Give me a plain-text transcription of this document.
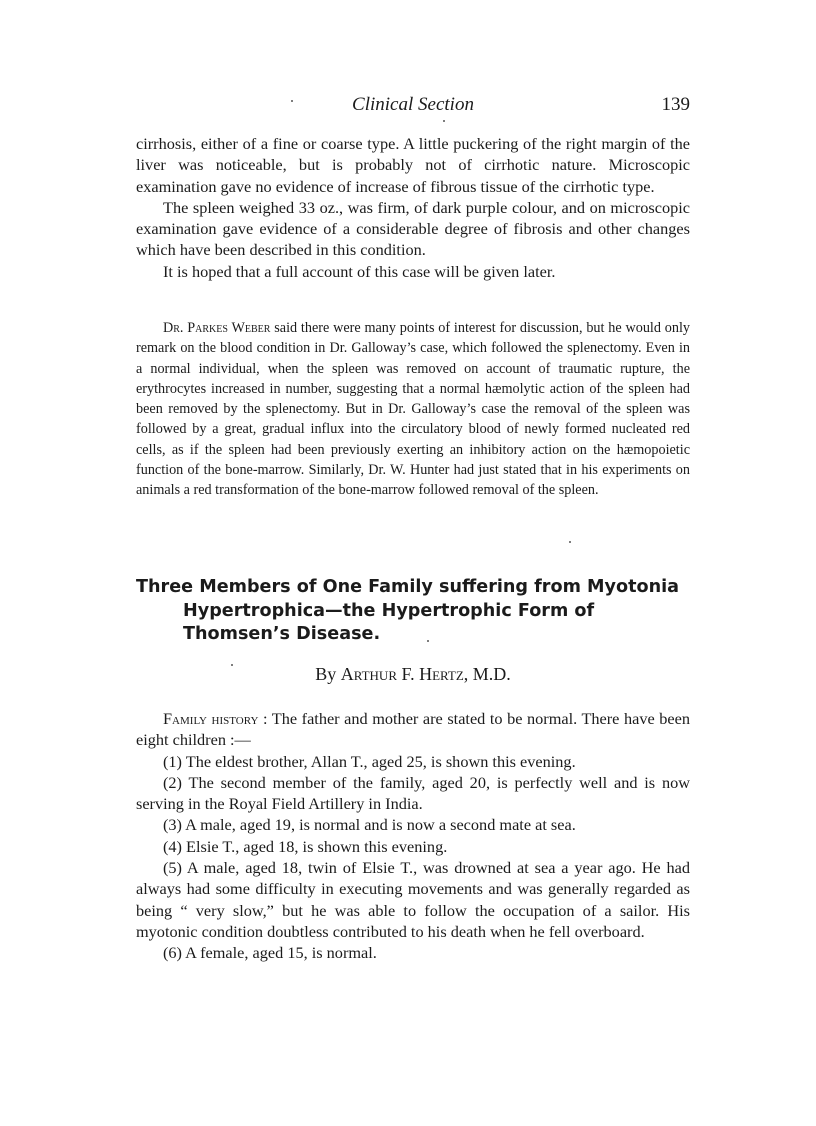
Clinical Section	139

cirrhosis, either of a fine or coarse type. A little puckering of the right margin of the liver was noticeable, but is probably not of cirrhotic nature. Microscopic examination gave no evidence of increase of fibrous tissue of the cirrhotic type.

The spleen weighed 33 oz., was firm, of dark purple colour, and on microscopic examination gave evidence of a considerable degree of fibrosis and other changes which have been described in this condition.

It is hoped that a full account of this case will be given later.

Dr. Parkes Weber said there were many points of interest for discussion, but he would only remark on the blood condition in Dr. Galloway’s case, which followed the splenectomy. Even in a normal individual, when the spleen was removed on account of traumatic rupture, the erythrocytes increased in number, suggesting that a normal hæmolytic action of the spleen had been removed by the splenectomy. But in Dr. Galloway’s case the removal of the spleen was followed by a great, gradual influx into the circulatory blood of newly formed nucleated red cells, as if the spleen had been previously exerting an inhibitory action on the hæmopoietic function of the bone-marrow. Similarly, Dr. W. Hunter had just stated that in his experiments on animals a red transformation of the bone-marrow followed removal of the spleen.

Three Members of One Family suffering from Myotonia Hypertrophica—the Hypertrophic Form of Thomsen’s Disease.
By Arthur F. Hertz, M.D.

Family history : The father and mother are stated to be normal. There have been eight children :—

(1) The eldest brother, Allan T., aged 25, is shown this evening.

(2) The second member of the family, aged 20, is perfectly well and is now serving in the Royal Field Artillery in India.

(3) A male, aged 19, is normal and is now a second mate at sea.

(4) Elsie T., aged 18, is shown this evening.

(5) A male, aged 18, twin of Elsie T., was drowned at sea a year ago. He had always had some difficulty in executing movements and was generally regarded as being “ very slow,” but he was able to follow the occupation of a sailor. His myotonic condition doubtless contributed to his death when he fell overboard.

(6) A female, aged 15, is normal.
